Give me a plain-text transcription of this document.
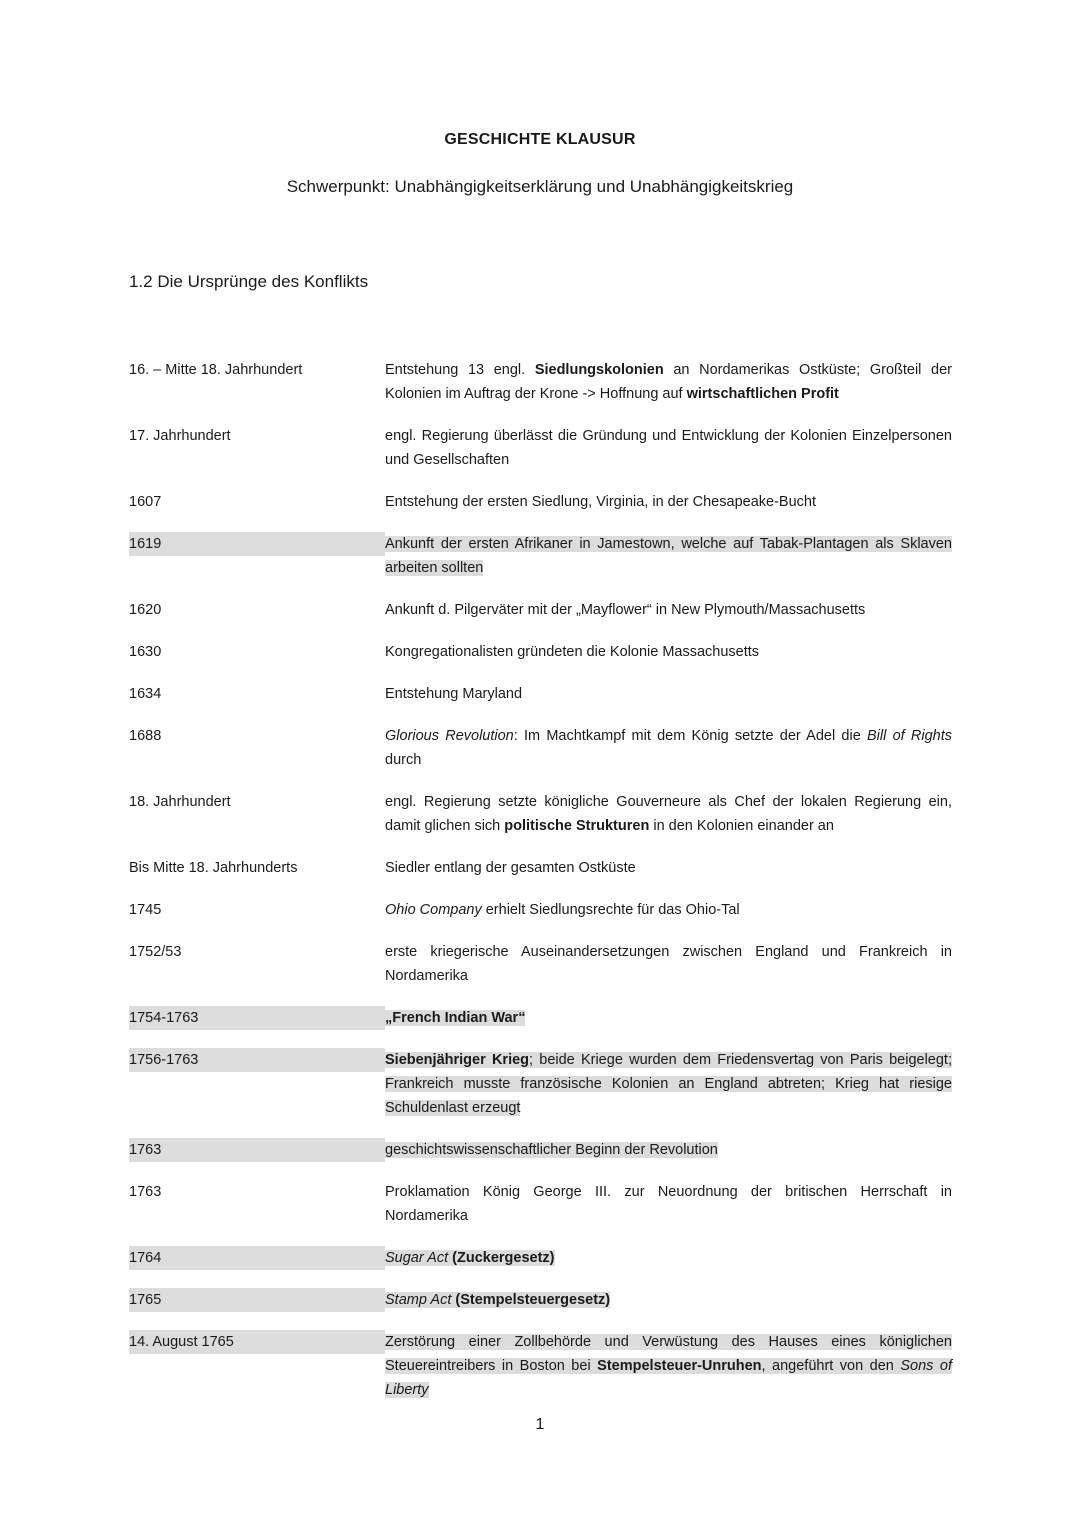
GESCHICHTE KLAUSUR
Schwerpunkt: Unabhängigkeitserklärung und Unabhängigkeitskrieg
1.2 Die Ursprünge des Konflikts
16. – Mitte 18. Jahrhundert	Entstehung 13 engl. Siedlungskolonien an Nordamerikas Ostküste; Großteil der Kolonien im Auftrag der Krone -> Hoffnung auf wirtschaftlichen Profit
17. Jahrhundert	engl. Regierung überlässt die Gründung und Entwicklung der Kolonien Einzelpersonen und Gesellschaften
1607	Entstehung der ersten Siedlung, Virginia, in der Chesapeake-Bucht
1619	Ankunft der ersten Afrikaner in Jamestown, welche auf Tabak-Plantagen als Sklaven arbeiten sollten
1620	Ankunft d. Pilgerväter mit der „Mayflower“ in New Plymouth/Massachusetts
1630	Kongregationalisten gründeten die Kolonie Massachusetts
1634	Entstehung Maryland
1688	Glorious Revolution: Im Machtkampf mit dem König setzte der Adel die Bill of Rights durch
18. Jahrhundert	engl. Regierung setzte königliche Gouverneure als Chef der lokalen Regierung ein, damit glichen sich politische Strukturen in den Kolonien einander an
Bis Mitte 18. Jahrhunderts	Siedler entlang der gesamten Ostküste
1745	Ohio Company erhielt Siedlungsrechte für das Ohio-Tal
1752/53	erste kriegerische Auseinandersetzungen zwischen England und Frankreich in Nordamerika
1754-1763	„French Indian War“
1756-1763	Siebenjähriger Krieg; beide Kriege wurden dem Friedensvertag von Paris beigelegt; Frankreich musste französische Kolonien an England abtreten; Krieg hat riesige Schuldenlast erzeugt
1763	geschichtswissenschaftlicher Beginn der Revolution
1763	Proklamation König George III. zur Neuordnung der britischen Herrschaft in Nordamerika
1764	Sugar Act (Zuckergesetz)
1765	Stamp Act (Stempelsteuergesetz)
14. August 1765	Zerstörung einer Zollbehörde und Verwüstung des Hauses eines königlichen Steuereintreibers in Boston bei Stempelsteuer-Unruhen, angeführt von den Sons of Liberty
1
